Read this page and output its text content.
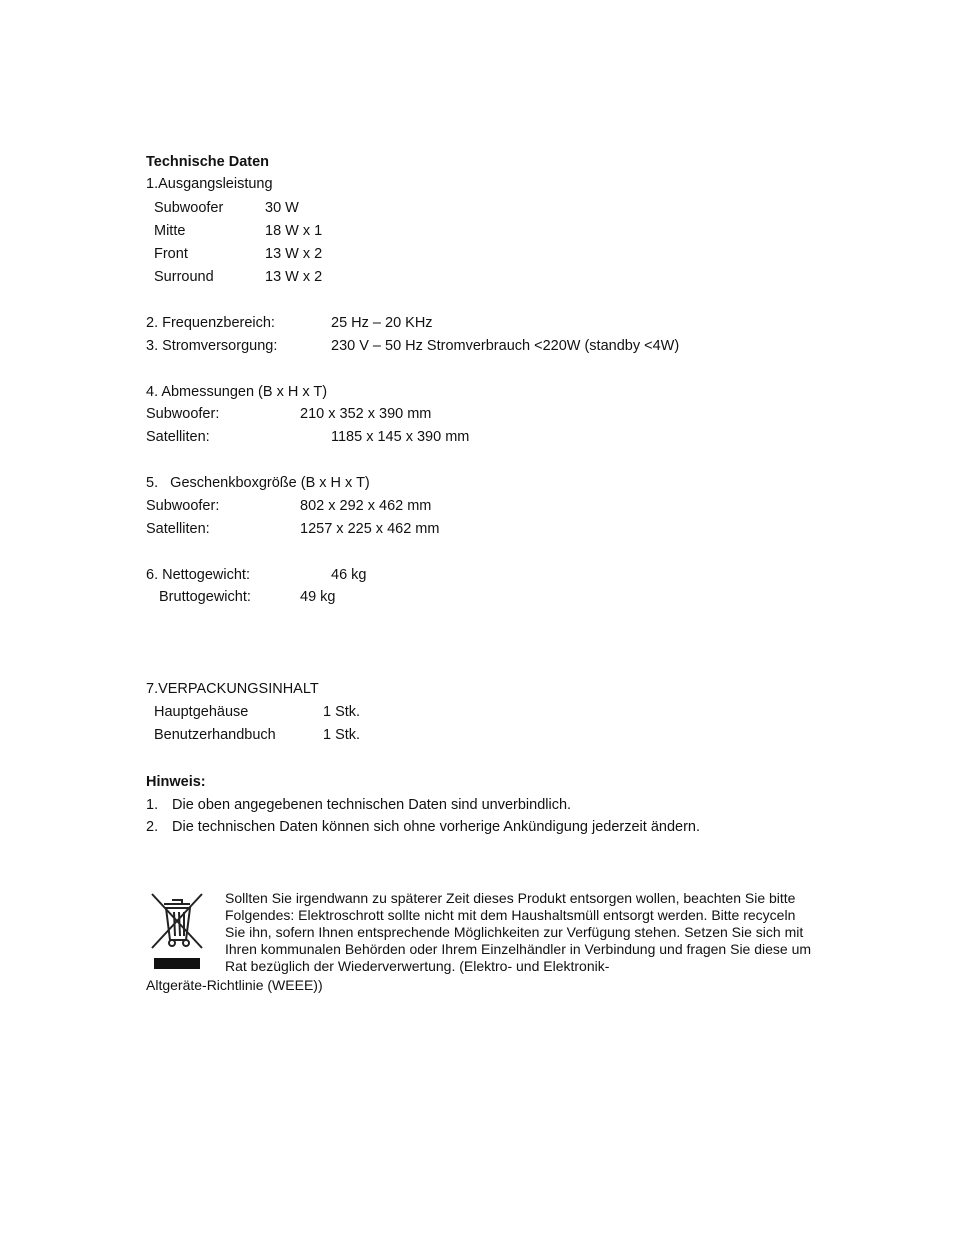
Technische Daten
1.Ausgangsleistung
Subwoofer	30 W
Mitte	18 W x 1
Front	13 W x 2
Surround	13 W x 2
2. Frequenzbereich:	25 Hz – 20 KHz
3. Stromversorgung:	230 V – 50 Hz Stromverbrauch <220W (standby <4W)
4. Abmessungen (B x H x T)
Subwoofer:	210 x 352 x 390 mm
Satelliten:	1185 x 145 x 390 mm
5.   Geschenkboxgröße (B x H x T)
Subwoofer:	802 x 292 x 462 mm
Satelliten:	1257 x 225 x 462 mm
6. Nettogewicht:	46 kg
Bruttogewicht:	49 kg
7.VERPACKUNGSINHALT
Hauptgehäuse	1 Stk.
Benutzerhandbuch	1 Stk.
Hinweis:
1. Die oben angegebenen technischen Daten sind unverbindlich.
2. Die technischen Daten können sich ohne vorherige Ankündigung jederzeit ändern.
Sollten Sie irgendwann zu späterer Zeit dieses Produkt entsorgen wollen, beachten Sie bitte Folgendes: Elektroschrott sollte nicht mit dem Haushaltsmüll entsorgt werden. Bitte recyceln Sie ihn, sofern Ihnen entsprechende Möglichkeiten zur Verfügung stehen. Setzen Sie sich mit Ihren kommunalen Behörden oder Ihrem Einzelhändler in Verbindung und fragen Sie diese um Rat bezüglich der Wiederverwertung. (Elektro- und Elektronik-
Altgeräte-Richtlinie (WEEE))
